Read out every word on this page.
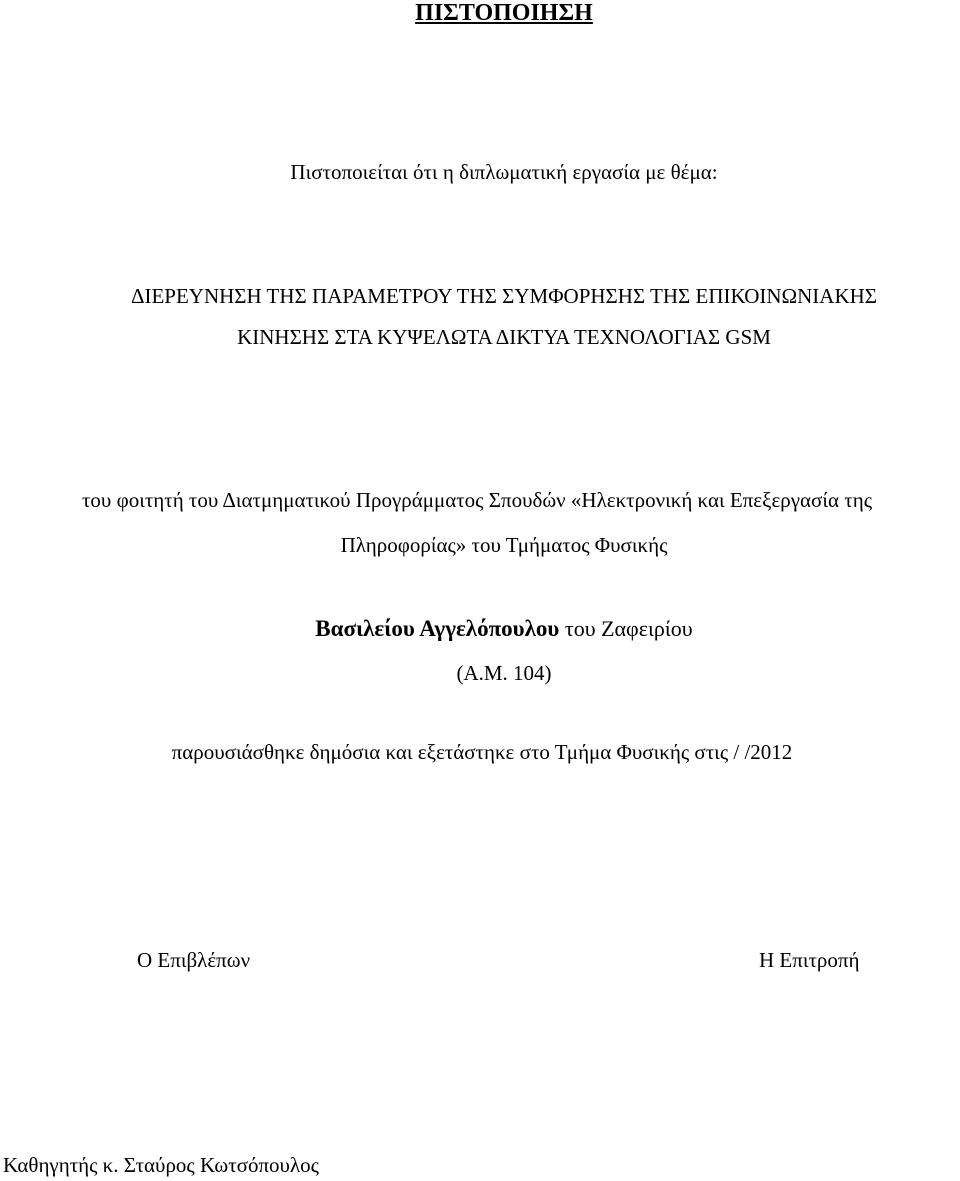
ΠΙΣΤΟΠΟΙΗΣΗ
Πιστοποιείται ότι η διπλωματική εργασία με θέμα:
ΔΙΕΡΕΥΝΗΣΗ ΤΗΣ ΠΑΡΑΜΕΤΡΟΥ ΤΗΣ ΣΥΜΦΟΡΗΣΗΣ ΤΗΣ ΕΠΙΚΟΙΝΩΝΙΑΚΗΣ
ΚΙΝΗΣΗΣ ΣΤΑ ΚΥΨΕΛΩΤΑ ΔΙΚΤΥΑ ΤΕΧΝΟΛΟΓΙΑΣ GSM
του φοιτητή του Διατμηματικού Προγράμματος Σπουδών «Ηλεκτρονική και Επεξεργασία της
Πληροφορίας» του Τμήματος Φυσικής
Βασιλείου Αγγελόπουλου του Ζαφειρίου
(Α.Μ. 104)
παρουσιάσθηκε δημόσια και εξετάστηκε στο Τμήμα Φυσικής στις / /2012
Ο Επιβλέπων	Η Επιτροπή
Καθηγητής κ. Σταύρος Κωτσόπουλος
